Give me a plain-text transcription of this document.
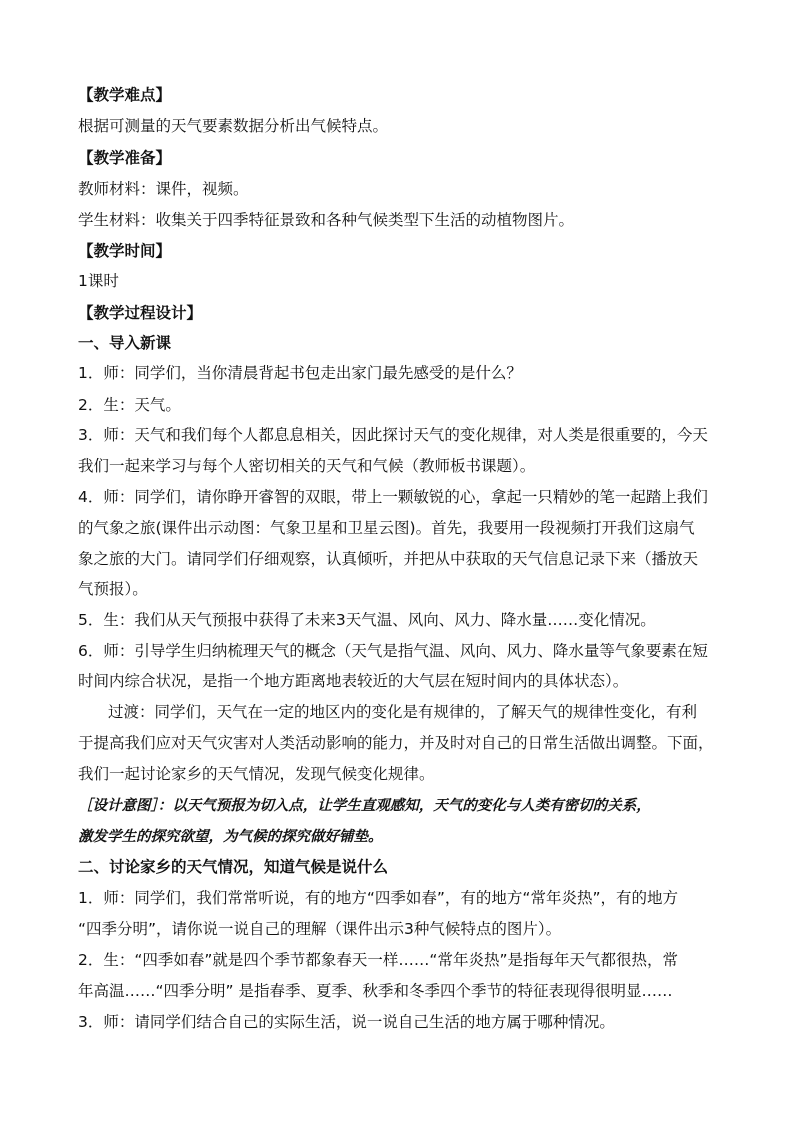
【教学难点】
根据可测量的天气要素数据分析出气候特点。
【教学准备】
教师材料：课件，视频。
学生材料：收集关于四季特征景致和各种气候类型下生活的动植物图片。
【教学时间】
1课时
【教学过程设计】
一、导入新课
1．师：同学们，当你清晨背起书包走出家门最先感受的是什么？
2．生：天气。
3．师：天气和我们每个人都息息相关，因此探讨天气的变化规律，对人类是很重要的，今天
我们一起来学习与每个人密切相关的天气和气候（教师板书课题）。
4．师：同学们，请你睁开睿智的双眼，带上一颗敏锐的心，拿起一只精妙的笔一起踏上我们
的气象之旅(课件出示动图：气象卫星和卫星云图)。首先，我要用一段视频打开我们这扇气
象之旅的大门。请同学们仔细观察，认真倾听，并把从中获取的天气信息记录下来（播放天
气预报）。
5．生：我们从天气预报中获得了未来3天气温、风向、风力、降水量……变化情况。
6．师：引导学生归纳梳理天气的概念（天气是指气温、风向、风力、降水量等气象要素在短
时间内综合状况，是指一个地方距离地表较近的大气层在短时间内的具体状态）。
过渡：同学们，天气在一定的地区内的变化是有规律的，了解天气的规律性变化，有利
于提高我们应对天气灾害对人类活动影响的能力，并及时对自己的日常生活做出调整。下面，
我们一起讨论家乡的天气情况，发现气候变化规律。
［设计意图］：以天气预报为切入点，让学生直观感知，天气的变化与人类有密切的关系，
激发学生的探究欲望，为气候的探究做好铺垫。
二、讨论家乡的天气情况，知道气候是说什么
1．师：同学们，我们常常听说，有的地方“四季如春”，有的地方“常年炎热”，有的地方
“四季分明”，请你说一说自己的理解（课件出示3种气候特点的图片）。
2．生：“四季如春”就是四个季节都象春天一样……“常年炎热”是指每年天气都很热，常
年高温……“四季分明” 是指春季、夏季、秋季和冬季四个季节的特征表现得很明显……
3．师：请同学们结合自己的实际生活，说一说自己生活的地方属于哪种情况。
